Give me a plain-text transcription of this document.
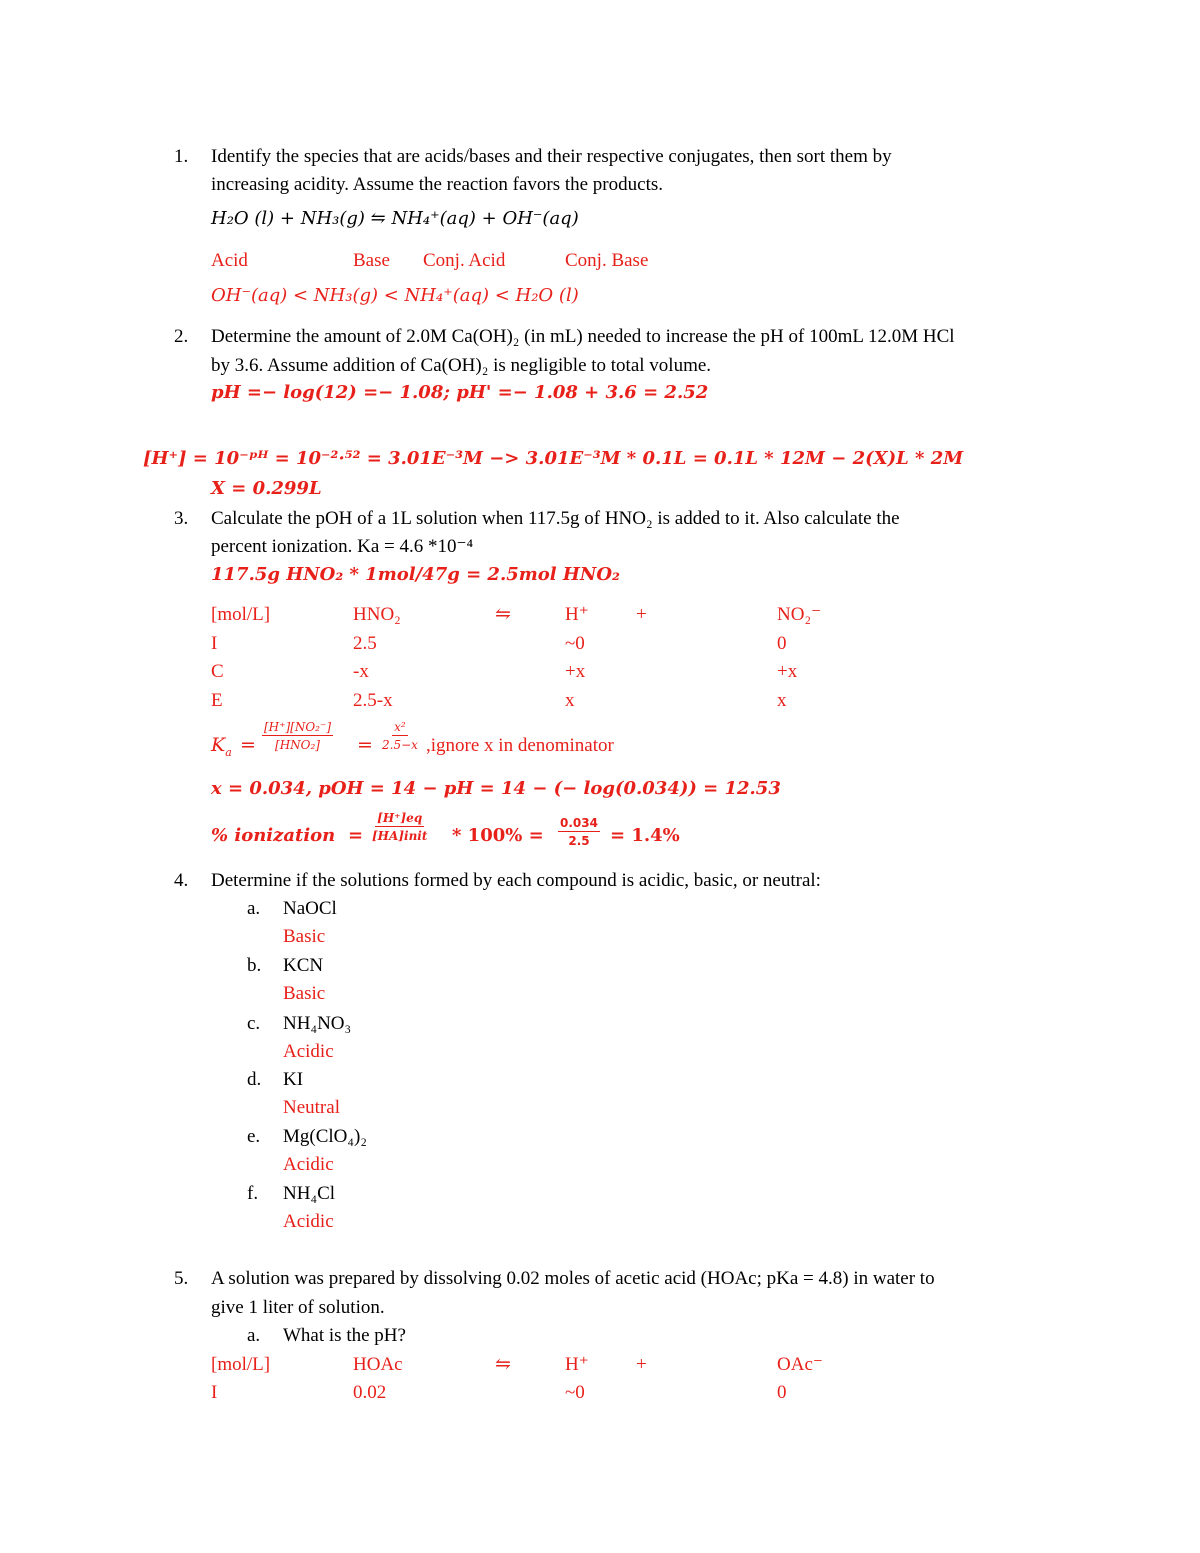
1. Identify the species that are acids/bases and their respective conjugates, then sort them by
increasing acidity. Assume the reaction favors the products.
H₂O (l) + NH₃(g) ⇋ NH₄⁺(aq) + OH⁻(aq)
Acid	Base Conj. Acid	Conj. Base
OH⁻(aq) < NH₃(g) < NH₄⁺(aq) < H₂O (l)
2. Determine the amount of 2.0M Ca(OH)₂ (in mL) needed to increase the pH of 100mL 12.0M HCl
by 3.6. Assume addition of Ca(OH)₂ is negligible to total volume.
pH =− log(12) =− 1.08; pH' =− 1.08 + 3.6 = 2.52
[H⁺] = 10⁻ᵖᴴ = 10⁻²·⁵² = 3.01E⁻³M −> 3.01E⁻³M * 0.1L = 0.1L * 12M − 2(X)L * 2M
X = 0.299L
3. Calculate the pOH of a 1L solution when 117.5g of HNO₂ is added to it. Also calculate the
percent ionization. Ka = 4.6 *10⁻⁴
117.5g HNO₂ * 1mol/47g = 2.5mol HNO₂
[mol/L]	HNO₂	⇋	H⁺ +	NO₂⁻
I	2.5	~0	0
C	-x	+x	+x
E	2.5-x	x	x
$K_a$ =
[H⁺][NO₂⁻]
$[HNO_2] = \frac{\text{x²}}{2.5-x}$ ,ignore x in denominator
x = 0.034, pOH = 14 − pH = 14 − (− log(0.034)) = 12.53
% ionization =
[H⁺]eq
[HA]init * $100\% = \frac{0.034}{2.5} = 1.4\%$
4. Determine if the solutions formed by each compound is acidic, basic, or neutral:
a. NaOCl
Basic
b. KCN
Basic
c. NH₄NO₃
Acidic
d. KI
Neutral
e. Mg(ClO₄)₂
Acidic
f. NH₄Cl
Acidic
5. A solution was prepared by dissolving 0.02 moles of acetic acid (HOAc; pKa = 4.8) in water to
give 1 liter of solution.
a. What is the pH?
[mol/L]	HOAc	⇋	H⁺ +	OAc⁻
I	0.02	~0	0
